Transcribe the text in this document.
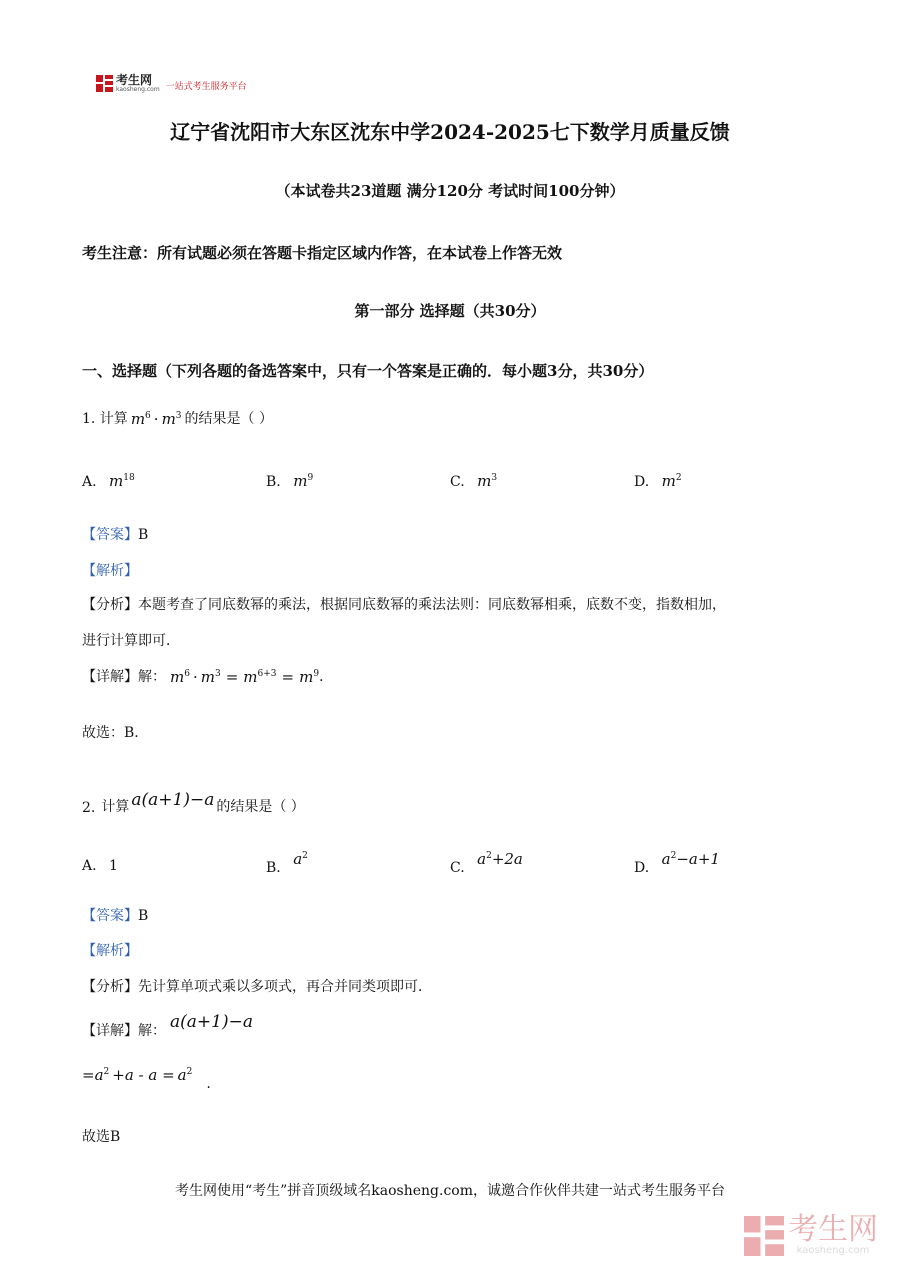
考生网
kaosheng.com 一站式考生服务平台
辽宁省沈阳市大东区沈东中学2024-2025七下数学月质量反馈
（本试卷共23道题 满分120分 考试时间100分钟）
考生注意：所有试题必须在答题卡指定区域内作答，在本试卷上作答无效
第一部分 选择题（共30分）
一、选择题（下列各题的备选答案中，只有一个答案是正确的．每小题3分，共30分）
1. 计算 $m^6 \cdot m^3$ 的结果是（ ）
A. $m^{18}$	B. $m^9$	C. $m^3$	D. $m^2$
【答案】B
【解析】
【分析】本题考查了同底数幂的乘法，根据同底数幂的乘法法则：同底数幂相乘，底数不变，指数相加，
进行计算即可．
【详解】解： $m^6 \cdot m^3 = m^{6+3} = m^9$ ．
故选：B．
2. 计算 a(a+1)−a 的结果是（ ）
A. 1	B. $a^2$
C. $a^2+2a$	D. $a^2-a+1$
【答案】B
【解析】
【分析】先计算单项式乘以多项式，再合并同类项即可．
【详解】解： a(a+1)−a
$=a^2 +a - a = a^2$
.
故选B
考生网使用“考生”拼音顶级域名kaosheng.com，诚邀合作伙伴共建一站式考生服务平台
考生网
kaosheng.com
